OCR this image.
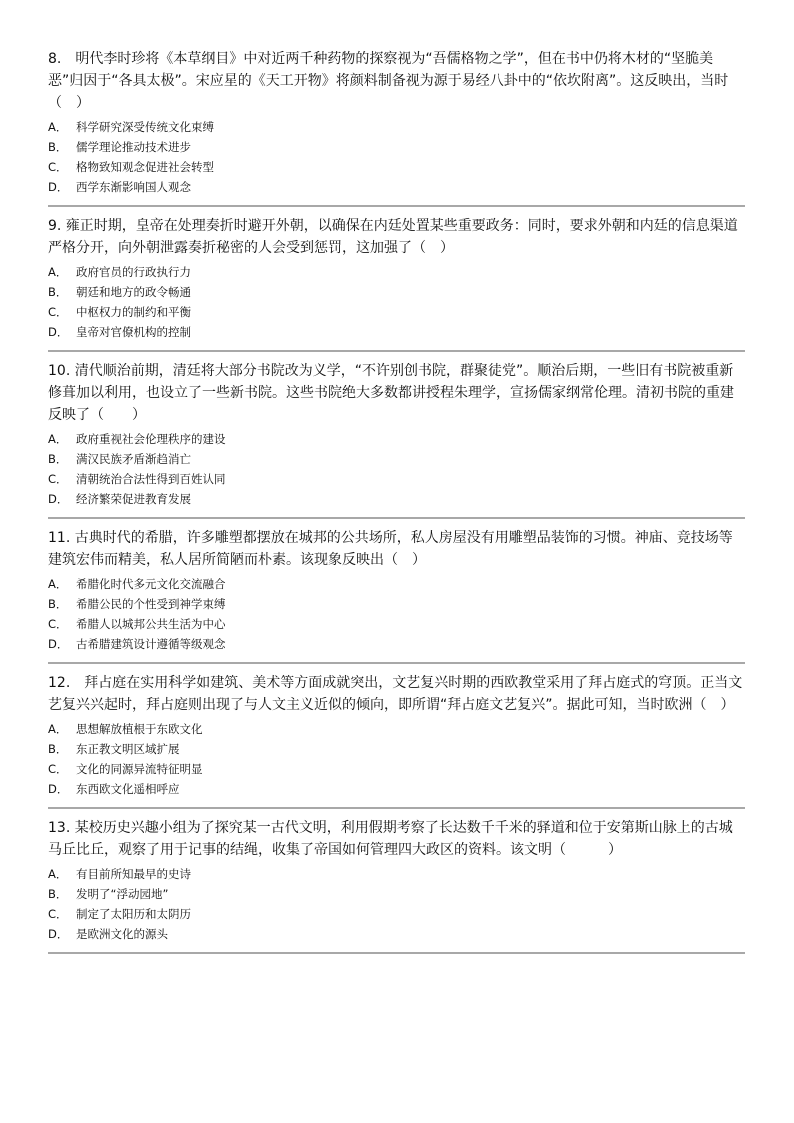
8.　明代李时珍将《本草纲目》中对近两千种药物的探察视为“吾儒格物之学”，但在书中仍将木材的“坚脆美恶”归因于“各具太极”。宋应星的《天工开物》将颜料制备视为源于易经八卦中的“依坎附离”。这反映出，当时（　）

A． 科学研究深受传统文化束缚
B． 儒学理论推动技术进步
C． 格物致知观念促进社会转型
D． 西学东渐影响国人观念

9. 雍正时期，皇帝在处理奏折时避开外朝，以确保在内廷处置某些重要政务：同时，要求外朝和内廷的信息渠道严格分开，向外朝泄露奏折秘密的人会受到惩罚，这加强了（　）

A． 政府官员的行政执行力
B． 朝廷和地方的政令畅通
C． 中枢权力的制约和平衡
D． 皇帝对官僚机构的控制

10. 清代顺治前期，清廷将大部分书院改为义学，“不许别创书院，群聚徒党”。顺治后期，一些旧有书院被重新修葺加以利用，也设立了一些新书院。这些书院绝大多数都讲授程朱理学，宣扬儒家纲常伦理。清初书院的重建反映了（　　）

A． 政府重视社会伦理秩序的建设
B． 满汉民族矛盾渐趋消亡
C． 清朝统治合法性得到百姓认同
D． 经济繁荣促进教育发展

11. 古典时代的希腊，许多雕塑都摆放在城邦的公共场所，私人房屋没有用雕塑品装饰的习惯。神庙、竞技场等建筑宏伟而精美，私人居所简陋而朴素。该现象反映出（　）

A． 希腊化时代多元文化交流融合
B． 希腊公民的个性受到神学束缚
C． 希腊人以城邦公共生活为中心
D． 古希腊建筑设计遵循等级观念

12.　拜占庭在实用科学如建筑、美术等方面成就突出，文艺复兴时期的西欧教堂采用了拜占庭式的穹顶。正当文艺复兴兴起时，拜占庭则出现了与人文主义近似的倾向，即所谓“拜占庭文艺复兴”。据此可知，当时欧洲（　）

A． 思想解放植根于东欧文化
B． 东正教文明区域扩展
C． 文化的同源异流特征明显
D． 东西欧文化遥相呼应

13. 某校历史兴趣小组为了探究某一古代文明，利用假期考察了长达数千千米的驿道和位于安第斯山脉上的古城马丘比丘，观察了用于记事的结绳，收集了帝国如何管理四大政区的资料。该文明（　　　）

A． 有目前所知最早的史诗
B． 发明了“浮动园地”
C． 制定了太阳历和太阴历
D． 是欧洲文化的源头
